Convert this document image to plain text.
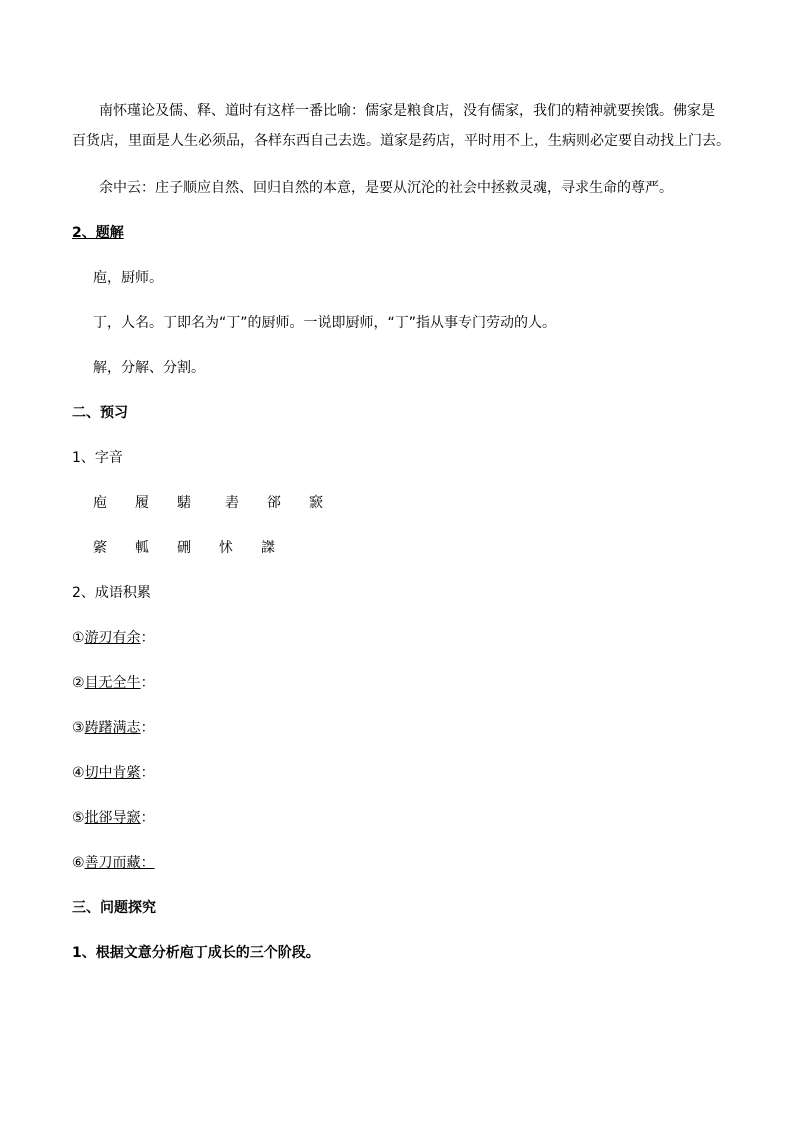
南怀瑾论及儒、释、道时有这样一番比喻：儒家是粮食店，没有儒家，我们的精神就要挨饿。佛家是
百货店，里面是人生必须品，各样东西自己去选。道家是药店，平时用不上，生病则必定要自动找上门去。
余中云：庄子顺应自然、回归自然的本意，是要从沉沦的社会中拯救灵魂，寻求生命的尊严。
2、题解
庖，厨师。
丁，人名。丁即名为“丁”的厨师。一说即厨师，“丁”指从事专门劳动的人。
解，分解、分割。
二、预习
1、字音
庖 履 騞 砉 郤 窾
綮 軱 硎 怵 謋
2、成语积累
①游刃有余：
②目无全牛：
③踌躇满志：
④切中肯綮：
⑤批郤导窾：
⑥善刀而藏：
三、问题探究
1、根据文意分析庖丁成长的三个阶段。
